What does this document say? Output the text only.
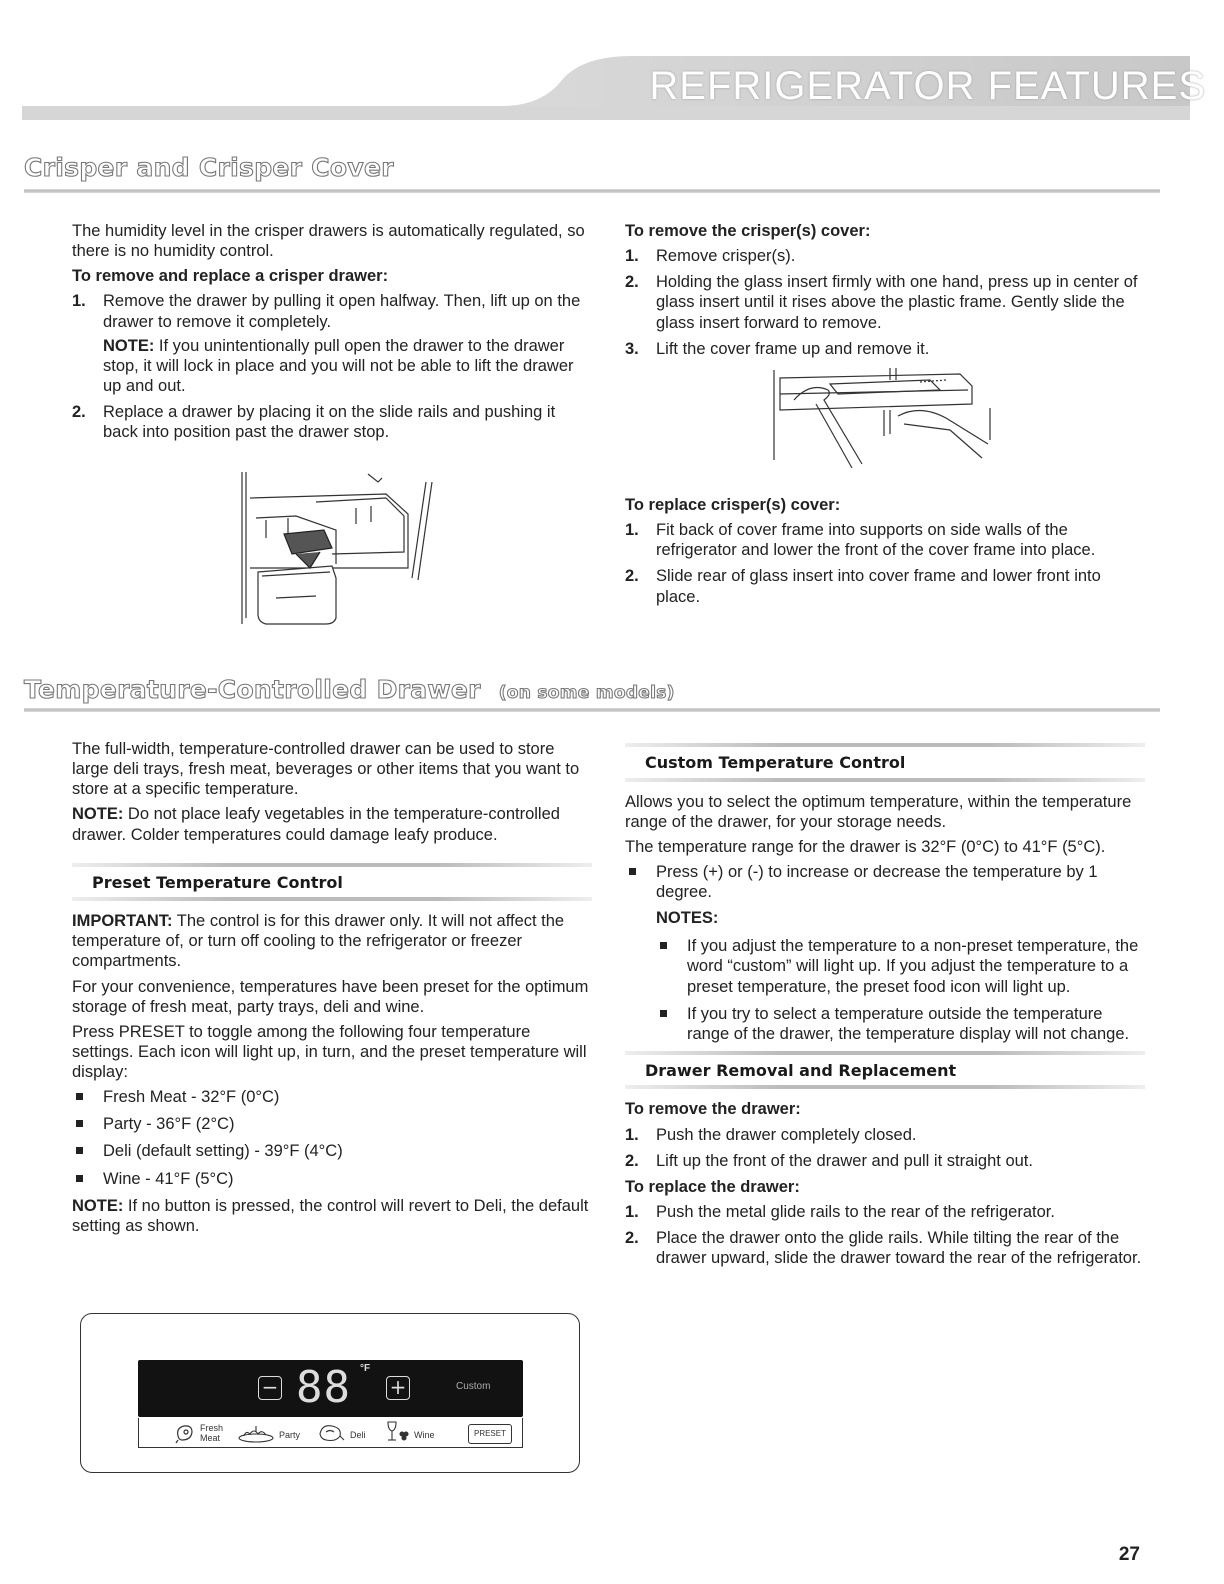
REFRIGERATOR FEATURES
Crisper and Crisper Cover

The humidity level in the crisper drawers is automatically regulated, so there is no humidity control.

To remove and replace a crisper drawer:
1. Remove the drawer by pulling it open halfway. Then, lift up on the drawer to remove it completely.

NOTE: If you unintentionally pull open the drawer to the drawer stop, it will lock in place and you will not be able to lift the drawer up and out.

2. Replace a drawer by placing it on the slide rails and pushing it back into position past the drawer stop.
To remove the crisper(s) cover:
1. Remove crisper(s).
2. Holding the glass insert firmly with one hand, press up in center of glass insert until it rises above the plastic frame. Gently slide the glass insert forward to remove.
3. Lift the cover frame up and remove it.
To replace crisper(s) cover:
1. Fit back of cover frame into supports on side walls of the refrigerator and lower the front of the cover frame into place.
2. Slide rear of glass insert into cover frame and lower front into place.
Temperature-Controlled Drawer (on some models)

The full-width, temperature-controlled drawer can be used to store large deli trays, fresh meat, beverages or other items that you want to store at a specific temperature.

NOTE: Do not place leafy vegetables in the temperature-controlled drawer. Colder temperatures could damage leafy produce.

Preset Temperature Control

IMPORTANT: The control is for this drawer only. It will not affect the temperature of, or turn off cooling to the refrigerator or freezer compartments.

For your convenience, temperatures have been preset for the optimum storage of fresh meat, party trays, deli and wine.

Press PRESET to toggle among the following four temperature settings. Each icon will light up, in turn, and the preset temperature will display:

Fresh Meat - 32°F (0°C)
Party - 36°F (2°C)
Deli (default setting) - 39°F (4°C)
Wine - 41°F (5°C)

NOTE: If no button is pressed, the control will revert to Deli, the default setting as shown.

− 88 °F
+	Custom
Fresh
Meat	Party	Deli	Wine	PRESET
Custom Temperature Control

Allows you to select the optimum temperature, within the temperature range of the drawer, for your storage needs.

The temperature range for the drawer is 32°F (0°C) to 41°F (5°C).

Press (+) or (-) to increase or decrease the temperature by 1 degree.
NOTES:
If you adjust the temperature to a non-preset temperature, the word “custom” will light up. If you adjust the temperature to a preset temperature, the preset food icon will light up.
If you try to select a temperature outside the temperature range of the drawer, the temperature display will not change.
Drawer Removal and Replacement
To remove the drawer:
1. Push the drawer completely closed.
2. Lift up the front of the drawer and pull it straight out.
To replace the drawer:
1. Push the metal glide rails to the rear of the refrigerator.
2. Place the drawer onto the glide rails. While tilting the rear of the drawer upward, slide the drawer toward the rear of the refrigerator.
27
